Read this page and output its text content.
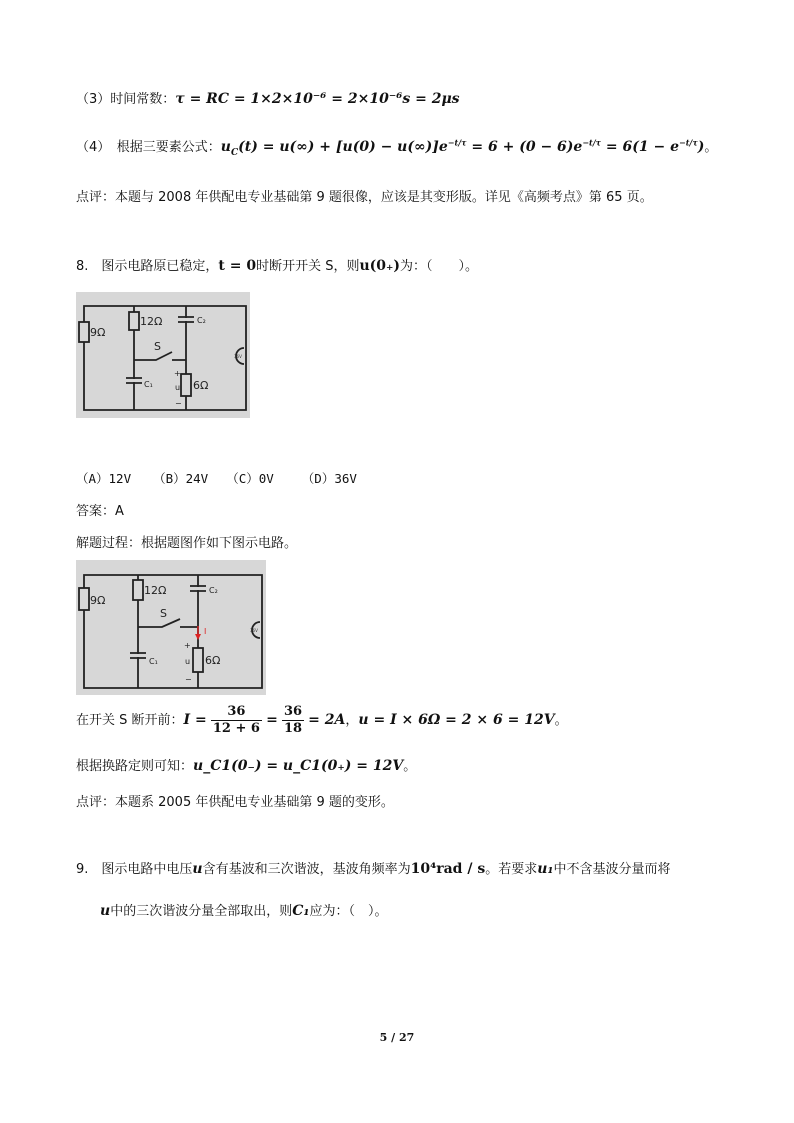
（3）时间常数：τ = RC = 1×2×10⁻⁶ = 2×10⁻⁶s = 2μs
（4）　根据三要素公式：$u_C(t) = u(\infty) + [u(0) - u(\infty)]e^{-t/\tau} = 6 + (0 - 6)e^{-t/\tau} = 6(1 - e^{-t/\tau})$。
点评：本题与 2008 年供配电专业基础第 9 题很像，应该是其变形版。详见《高频考点》第 65 页。
8.　图示电路原已稳定，t = 0时断开开关 S，则u(0₊)为：（　　）。
9Ω
12Ω
C₁
C₂
6Ω
+
u
−
S
36V
（A）12V （B）24V （C）0V （D）36V
答案：A
解题过程：根据题图作如下图示电路。
9Ω
12Ω
C₁
C₂
6Ω
+
u
−
S
I	36V
在开关 S 断开前：$I = \frac{36}{12 + 6} = \frac{36}{18} = 2A$，u = I × 6Ω = 2 × 6 = 12V。
根据换路定则可知：u_C1(0₋) = u_C1(0₊) = 12V。
点评：本题系 2005 年供配电专业基础第 9 题的变形。
9.　图示电路中电压u含有基波和三次谐波，基波角频率为10⁴rad / s。若要求u₁中不含基波分量而将
u中的三次谐波分量全部取出，则C₁应为：（　）。
5 / 27
